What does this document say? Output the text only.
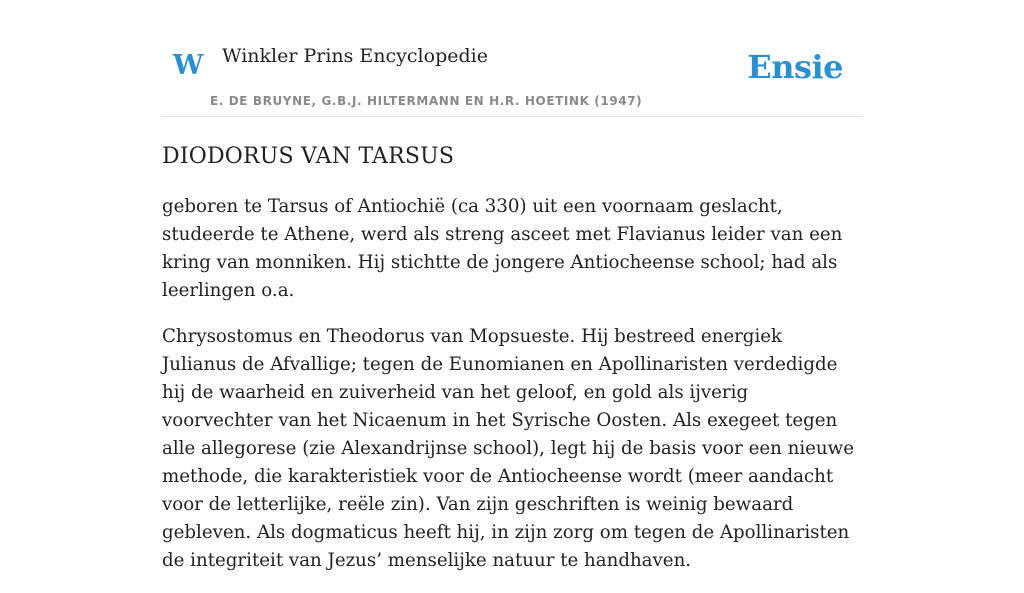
W Winkler Prins Encyclopedie	Ensie
E. DE BRUYNE, G.B.J. HILTERMANN EN H.R. HOETINK (1947)
DIODORUS VAN TARSUS

geboren te Tarsus of Antiochië (ca 330) uit een voornaam geslacht, studeerde te Athene, werd als streng asceet met Flavianus leider van een kring van monniken. Hij stichtte de jongere Antiocheense school; had als leerlingen o.a.

Chrysostomus en Theodorus van Mopsueste. Hij bestreed energiek Julianus de Afvallige; tegen de Eunomianen en Apollinaristen verdedigde hij de waarheid en zuiverheid van het geloof, en gold als ijverig voorvechter van het Nicaenum in het Syrische Oosten. Als exegeet tegen alle allegorese (zie Alexandrijnse school), legt hij de basis voor een nieuwe methode, die karakteristiek voor de Antiocheense wordt (meer aandacht voor de letterlijke, reële zin). Van zijn geschriften is weinig bewaard gebleven. Als dogmaticus heeft hij, in zijn zorg om tegen de Apollinaristen de integriteit van Jezus’ menselijke natuur te handhaven.
